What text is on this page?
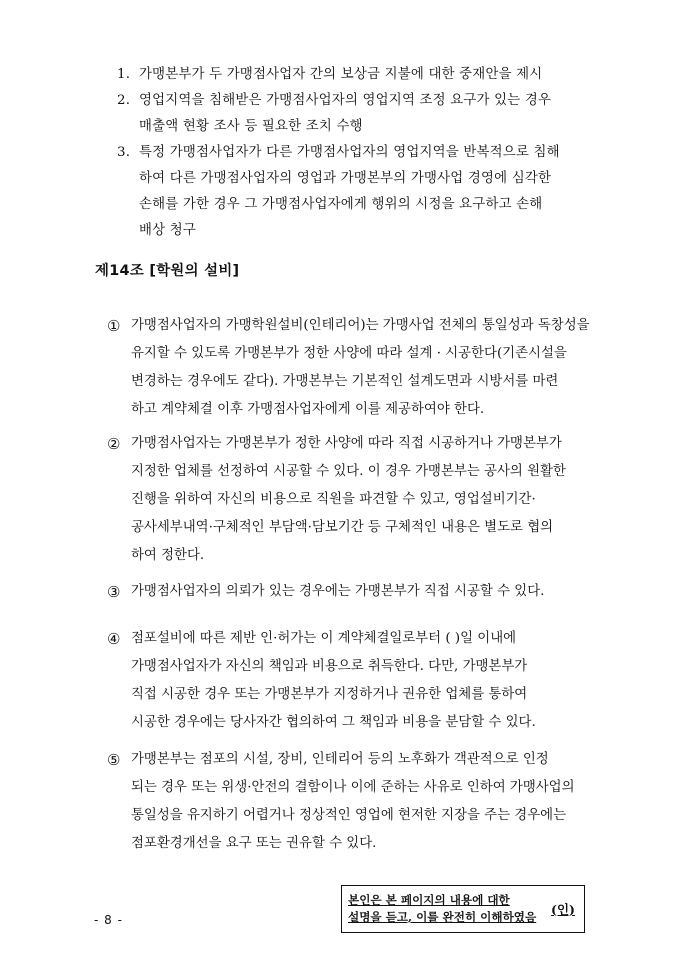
1. 가맹본부가 두 가맹점사업자 간의 보상금 지불에 대한 중재안을 제시
2. 영업지역을 침해받은 가맹점사업자의 영업지역 조정 요구가 있는 경우
매출액 현황 조사 등 필요한 조치 수행
3. 특정 가맹점사업자가 다른 가맹점사업자의 영업지역을 반복적으로 침해
하여 다른 가맹점사업자의 영업과 가맹본부의 가맹사업 경영에 심각한
손해를 가한 경우 그 가맹점사업자에게 행위의 시정을 요구하고 손해
배상 청구
제14조 [학원의 설비]
① 가맹점사업자의 가맹학원설비(인테리어)는 가맹사업 전체의 통일성과 독창성을
유지할 수 있도록 가맹본부가 정한 사양에 따라 설계 · 시공한다(기존시설을
변경하는 경우에도 같다). 가맹본부는 기본적인 설계도면과 시방서를 마련
하고 계약체결 이후 가맹점사업자에게 이를 제공하여야 한다.
② 가맹점사업자는 가맹본부가 정한 사양에 따라 직접 시공하거나 가맹본부가
지정한 업체를 선정하여 시공할 수 있다. 이 경우 가맹본부는 공사의 원활한
진행을 위하여 자신의 비용으로 직원을 파견할 수 있고, 영업설비기간·
공사세부내역·구체적인 부담액·담보기간 등 구체적인 내용은 별도로 협의
하여 정한다.
③ 가맹점사업자의 의뢰가 있는 경우에는 가맹본부가 직접 시공할 수 있다.
④ 점포설비에 따른 제반 인·허가는 이 계약체결일로부터 ( )일 이내에
가맹점사업자가 자신의 책임과 비용으로 취득한다. 다만, 가맹본부가
직접 시공한 경우 또는 가맹본부가 지정하거나 권유한 업체를 통하여
시공한 경우에는 당사자간 협의하여 그 책임과 비용을 분담할 수 있다.
⑤ 가맹본부는 점포의 시설, 장비, 인테리어 등의 노후화가 객관적으로 인정
되는 경우 또는 위생·안전의 결함이나 이에 준하는 사유로 인하여 가맹사업의
통일성을 유지하기 어렵거나 정상적인 영업에 현저한 지장을 주는 경우에는
점포환경개선을 요구 또는 권유할 수 있다.
- 8 -
본인은 본 페이지의 내용에 대한
설명을 듣고, 이를 완전히 이해하였음	(인)
